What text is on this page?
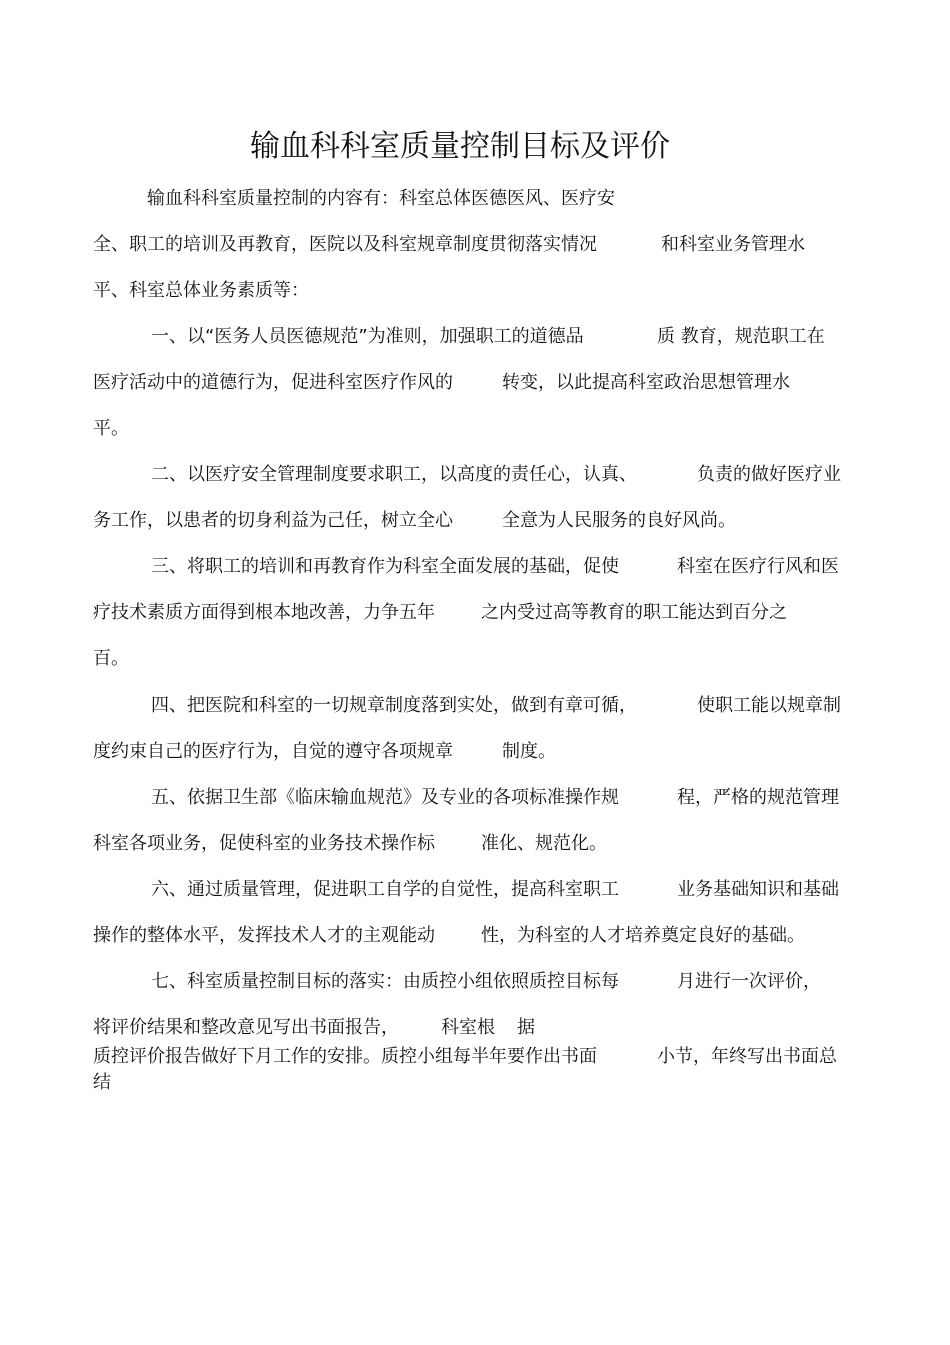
输血科科室质量控制目标及评价
输血科科室质量控制的内容有：科室总体医德医风、医疗安
全、职工的培训及再教育，医院以及科室规章制度贯彻落实情况	和科室业务管理水
平、科室总体业务素质等：
一、以“医务人员医德规范”为准则，加强职工的道德品	质 教育，规范职工在
医疗活动中的道德行为，促进科室医疗作风的	转变，以此提高科室政治思想管理水
平。
二、以医疗安全管理制度要求职工，以高度的责任心，认真、	负责的做好医疗业
务工作，以患者的切身利益为己任，树立全心	全意为人民服务的良好风尚。
三、将职工的培训和再教育作为科室全面发展的基础，促使	科室在医疗行风和医
疗技术素质方面得到根本地改善，力争五年	之内受过高等教育的职工能达到百分之
百。
四、把医院和科室的一切规章制度落到实处，做到有章可循，	使职工能以规章制
度约束自己的医疗行为，自觉的遵守各项规章	制度。
五、依据卫生部《临床输血规范》及专业的各项标准操作规	程，严格的规范管理
科室各项业务，促使科室的业务技术操作标	准化、规范化。
六、通过质量管理，促进职工自学的自觉性，提高科室职工	业务基础知识和基础
操作的整体水平，发挥技术人才的主观能动	性，为科室的人才培养奠定良好的基础。
七、科室质量控制目标的落实：由质控小组依照质控目标每	月进行一次评价，
将评价结果和整改意见写出书面报告， 科室根 据
质控评价报告做好下月工作的安排。质控小组每半年要作出书面	小节，年终写出书面总
结
